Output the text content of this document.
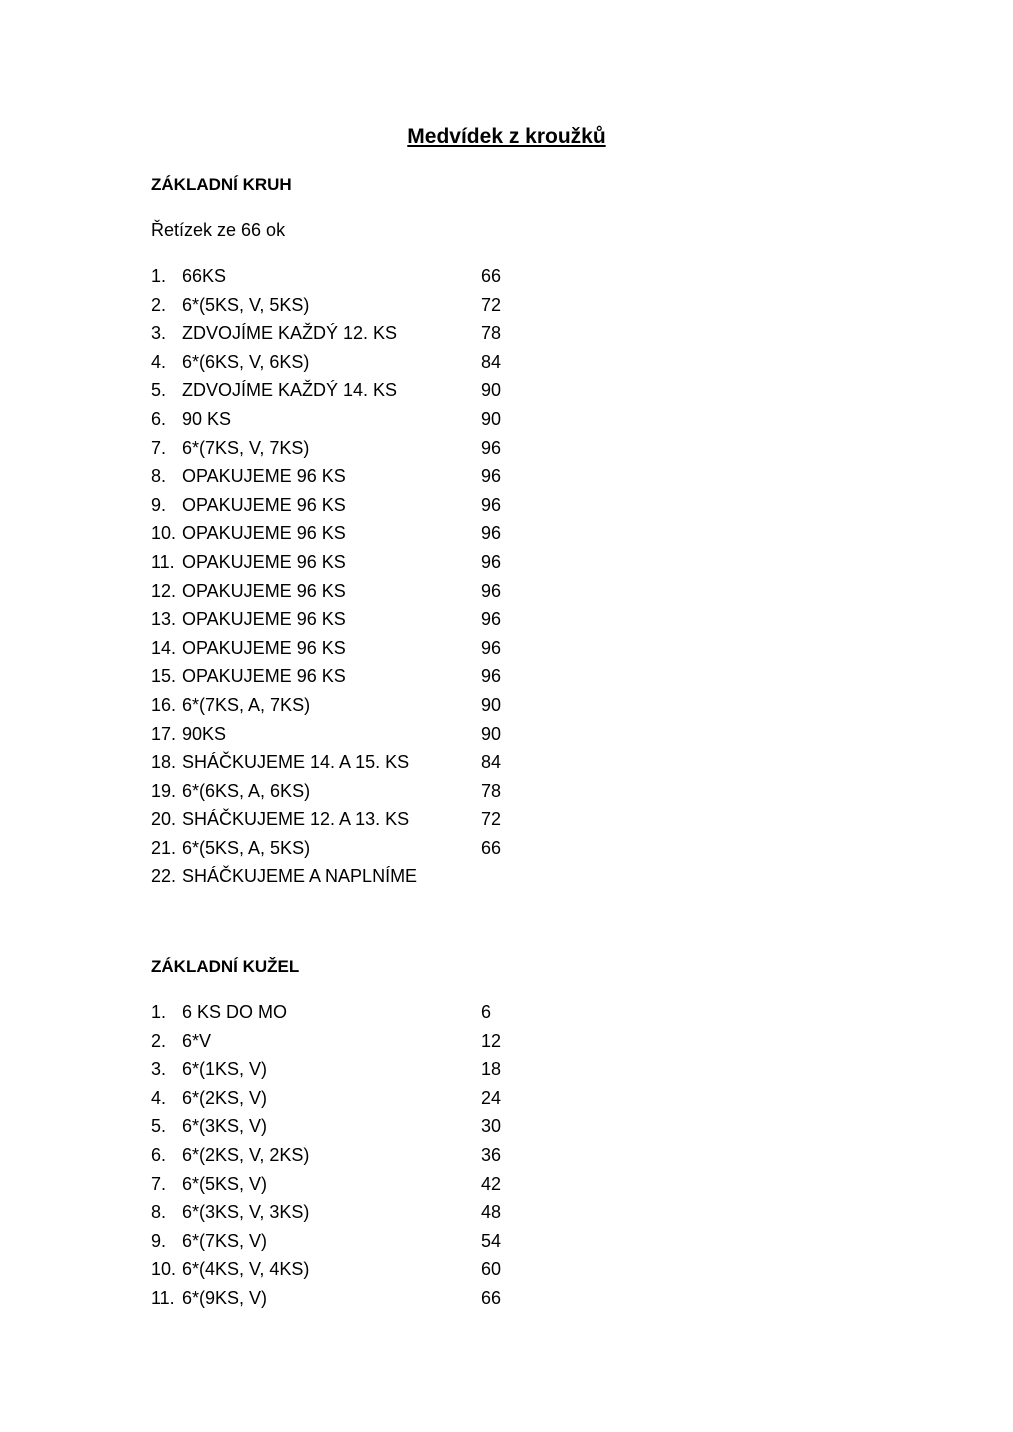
Medvídek z kroužků
ZÁKLADNÍ KRUH
Řetízek ze 66 ok
1. 66KS	66
2. 6*(5KS, V, 5KS)	72
3. ZDVOJÍME KAŽDÝ 12. KS	78
4. 6*(6KS, V, 6KS)	84
5. ZDVOJÍME KAŽDÝ 14. KS	90
6. 90 KS	90
7. 6*(7KS, V, 7KS)	96
8. OPAKUJEME 96 KS	96
9. OPAKUJEME 96 KS	96
10. OPAKUJEME 96 KS	96
11. OPAKUJEME 96 KS	96
12. OPAKUJEME 96 KS	96
13. OPAKUJEME 96 KS	96
14. OPAKUJEME 96 KS	96
15. OPAKUJEME 96 KS	96
16. 6*(7KS, A, 7KS)	90
17. 90KS	90
18. SHÁČKUJEME 14. A 15. KS	84
19. 6*(6KS, A, 6KS)	78
20. SHÁČKUJEME 12. A 13. KS	72
21. 6*(5KS, A, 5KS)	66
22. SHÁČKUJEME A NAPLNÍME
ZÁKLADNÍ KUŽEL
1. 6 KS DO MO	6
2. 6*V	12
3. 6*(1KS, V)	18
4. 6*(2KS, V)	24
5. 6*(3KS, V)	30
6. 6*(2KS, V, 2KS)	36
7. 6*(5KS, V)	42
8. 6*(3KS, V, 3KS)	48
9. 6*(7KS, V)	54
10. 6*(4KS, V, 4KS)	60
11. 6*(9KS, V)	66
